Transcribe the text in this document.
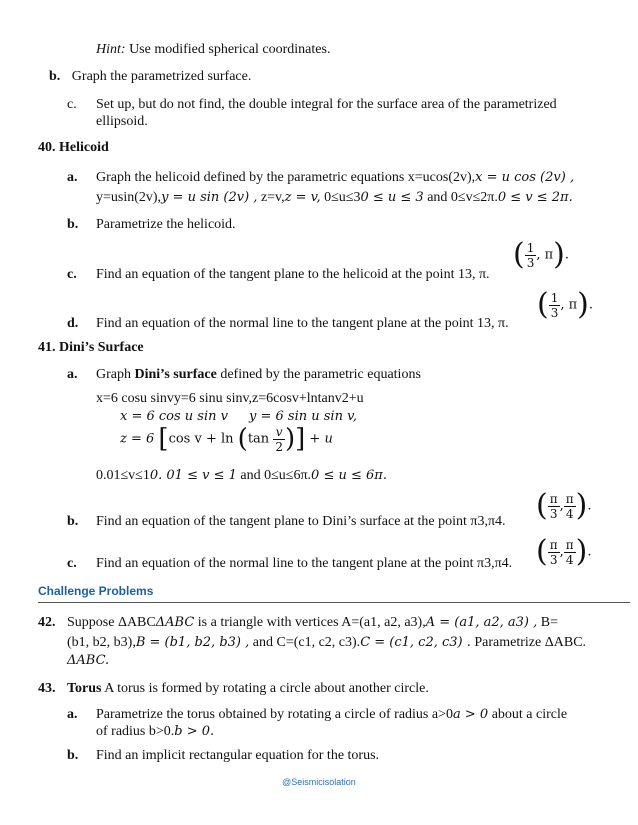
Hint: Use modified spherical coordinates.
b. Graph the parametrized surface.
c. Set up, but do not find, the double integral for the surface area of the parametrized
ellipsoid.
40. Helicoid
a. Graph the helicoid defined by the parametric equations x=ucos(2v),x = u cos (2v) ,
y=usin(2v),y = u sin (2v) , z=v,z = v, 0≤u≤30 ≤ u ≤ 3 and 0≤v≤2π.0 ≤ v ≤ 2π.
b. Parametrize the helicoid.
( $\frac{1}{3}$ , π).
c. Find an equation of the tangent plane to the helicoid at the point 13, π.
( $\frac{1}{3}$ , π).
d. Find an equation of the normal line to the tangent plane at the point 13, π.
41. Dini’s Surface
a. Graph Dini’s surface defined by the parametric equations
x=6 cosu sinvy=6 sinu sinv,z=6cosv+lntanv2+u
x = 6 cos u sin v y = 6 sin u sin v,
z = 6 [cos $v + \ln (\tan \frac{v}{2}$ )] + u
0.01≤v≤10. 01 ≤ v ≤ 1 and 0≤u≤6π.0 ≤ u ≤ 6π.
( $\frac{\pi}{3}$ , $\frac{\pi}{4}$ ).
b. Find an equation of the tangent plane to Dini’s surface at the point π3,π4.
( $\frac{\pi}{3}$ , $\frac{\pi}{4}$ ).
c. Find an equation of the normal line to the tangent plane at the point π3,π4.
Challenge Problems
42. Suppose ΔABCΔABC is a triangle with vertices A=(a1, a2, a3),A = (a1, a2, a3) , B=
(b1, b2, b3),B = (b1, b2, b3) , and C=(c1, c2, c3).C = (c1, c2, c3) . Parametrize ΔABC.
ΔABC.
43. Torus A torus is formed by rotating a circle about another circle.
a. Parametrize the torus obtained by rotating a circle of radius a>0a > 0 about a circle
of radius b>0.b > 0.
b. Find an implicit rectangular equation for the torus.
@Seismicisolation
